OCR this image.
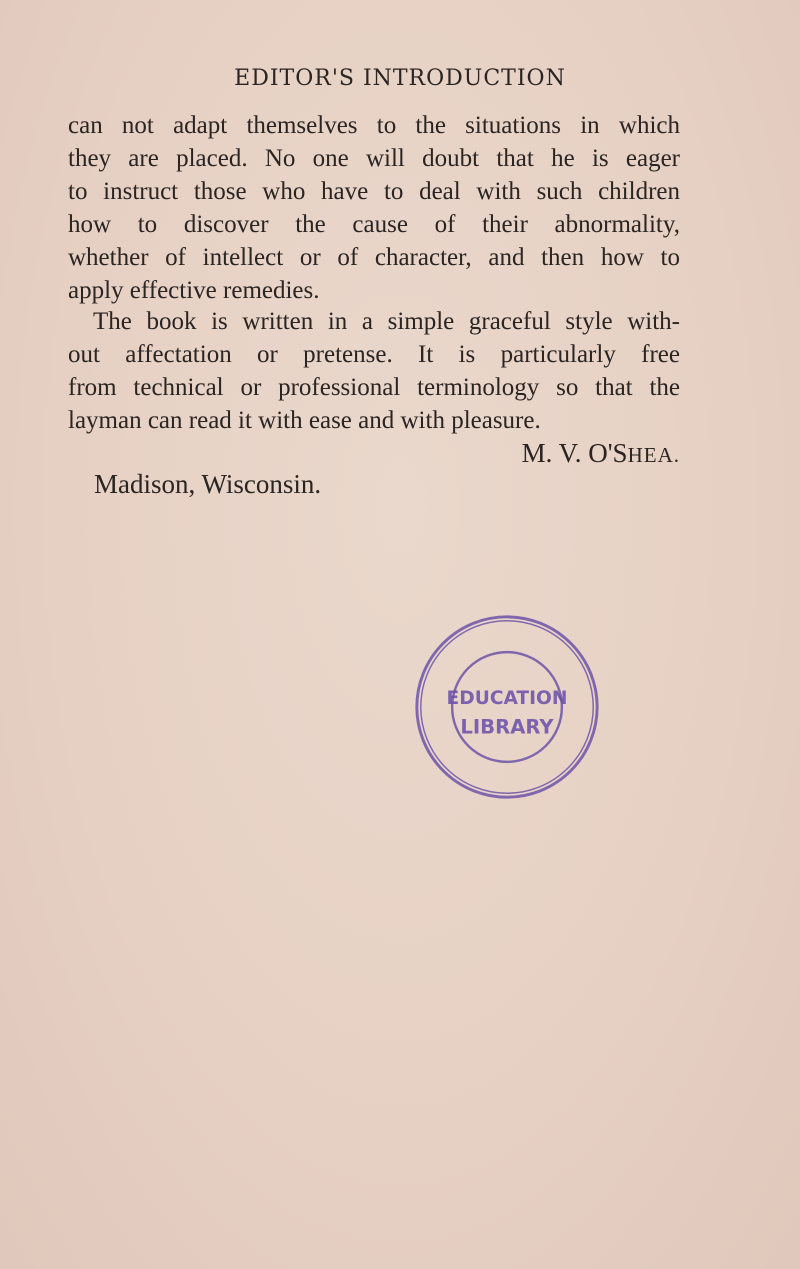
EDITOR'S INTRODUCTION
can not adapt themselves to the situations in which
they are placed. No one will doubt that he is eager
to instruct those who have to deal with such children
how to discover the cause of their abnormality,
whether of intellect or of character, and then how to
apply effective remedies.
The book is written in a simple graceful style with-
out affectation or pretense. It is particularly free
from technical or professional terminology so that the
layman can read it with ease and with pleasure.
M. V. O'SHEA.
Madison, Wisconsin.
EDUCATION
LIBRARY
